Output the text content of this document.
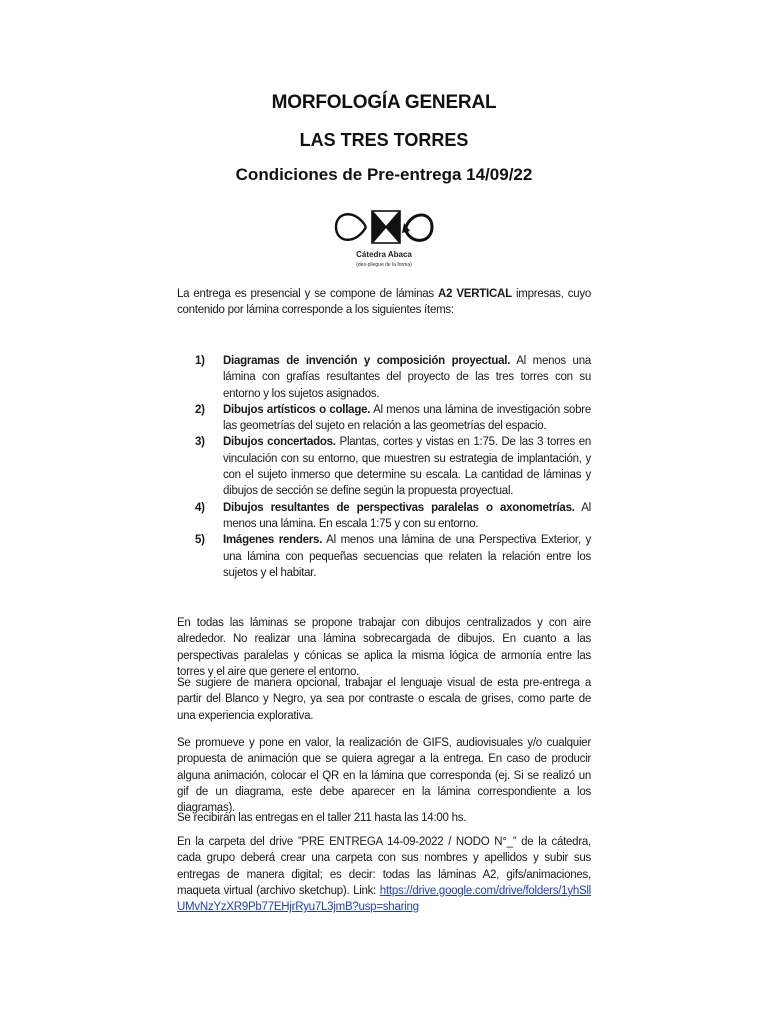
MORFOLOGÍA GENERAL
LAS TRES TORRES
Condiciones de Pre-entrega 14/09/22
Cátedra Abaca
(des-pliegue de la forma)

La entrega es presencial y se compone de láminas A2 VERTICAL impresas, cuyo contenido por lámina corresponde a los siguientes ítems:

1) Diagramas de invención y composición proyectual. Al menos una lámina con grafías resultantes del proyecto de las tres torres con su entorno y los sujetos asignados.
2) Dibujos artísticos o collage. Al menos una lámina de investigación sobre las geometrías del sujeto en relación a las geometrías del espacio.
3) Dibujos concertados. Plantas, cortes y vistas en 1:75. De las 3 torres en vinculación con su entorno, que muestren su estrategia de implantación, y con el sujeto inmerso que determine su escala. La cantidad de láminas y dibujos de sección se define según la propuesta proyectual.
4) Dibujos resultantes de perspectivas paralelas o axonometrías. Al menos una lámina. En escala 1:75 y con su entorno.
5) Imágenes renders. Al menos una lámina de una Perspectiva Exterior, y una lámina con pequeñas secuencias que relaten la relación entre los sujetos y el habitar.

En todas las láminas se propone trabajar con dibujos centralizados y con aire alrededor. No realizar una lámina sobrecargada de dibujos. En cuanto a las perspectivas paralelas y cónicas se aplica la misma lógica de armonía entre las torres y el aire que genere el entorno.

Se sugiere de manera opcional, trabajar el lenguaje visual de esta pre-entrega a partir del Blanco y Negro, ya sea por contraste o escala de grises, como parte de una experiencia explorativa.

Se promueve y pone en valor, la realización de GIFS, audiovisuales y/o cualquier propuesta de animación que se quiera agregar a la entrega. En caso de producir alguna animación, colocar el QR en la lámina que corresponda (ej. Si se realizó un gif de un diagrama, este debe aparecer en la lámina correspondiente a los diagramas).

Se recibirán las entregas en el taller 211 hasta las 14:00 hs.

En la carpeta del drive ”PRE ENTREGA 14-09-2022 / NODO N°_” de la cátedra, cada grupo deberá crear una carpeta con sus nombres y apellidos y subir sus entregas de manera digital; es decir: todas las láminas A2, gifs/animaciones, maqueta virtual (archivo sketchup). Link: https://drive.google.com/drive/folders/1yhSllUMvNzYzXR9Pb77EHjrRyu7L3jmB?usp=sharing
